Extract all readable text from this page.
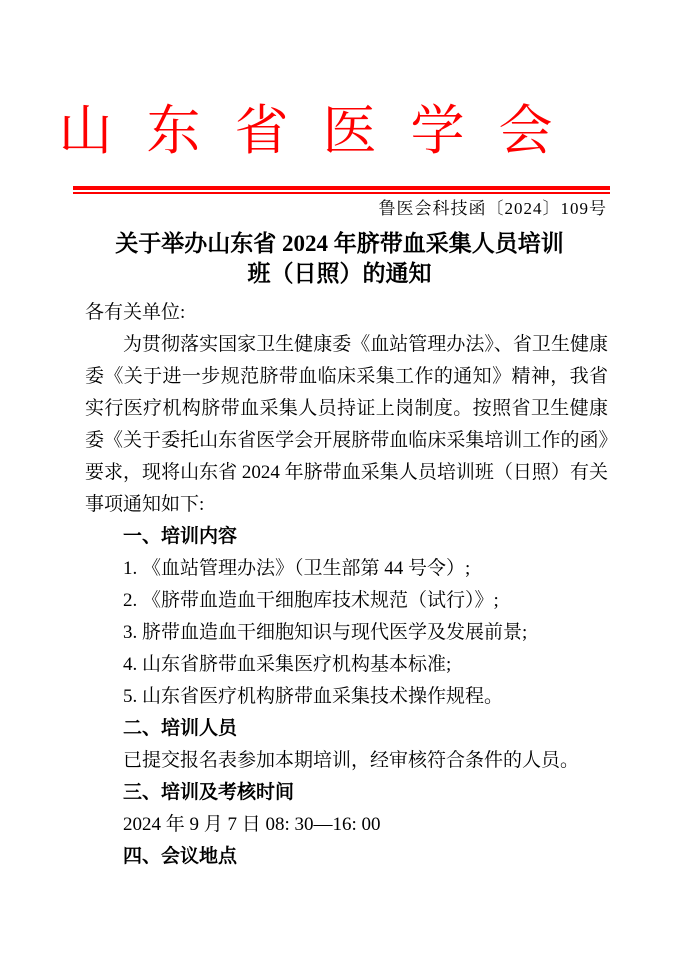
山东省医学会
鲁医会科技函〔2024〕109号
关于举办山东省 2024 年脐带血采集人员培训
班（日照）的通知

各有关单位:

为贯彻落实国家卫生健康委《血站管理办法》、省卫生健康委《关于进一步规范脐带血临床采集工作的通知》精神，我省实行医疗机构脐带血采集人员持证上岗制度。按照省卫生健康委《关于委托山东省医学会开展脐带血临床采集培训工作的函》要求，现将山东省 2024 年脐带血采集人员培训班（日照）有关事项通知如下:

一、培训内容

1. 《血站管理办法》（卫生部第 44 号令）;

2. 《脐带血造血干细胞库技术规范（试行）》;

3. 脐带血造血干细胞知识与现代医学及发展前景;

4. 山东省脐带血采集医疗机构基本标准;

5. 山东省医疗机构脐带血采集技术操作规程。

二、培训人员

已提交报名表参加本期培训，经审核符合条件的人员。

三、培训及考核时间

2024 年 9 月 7 日 08: 30—16: 00

四、会议地点
